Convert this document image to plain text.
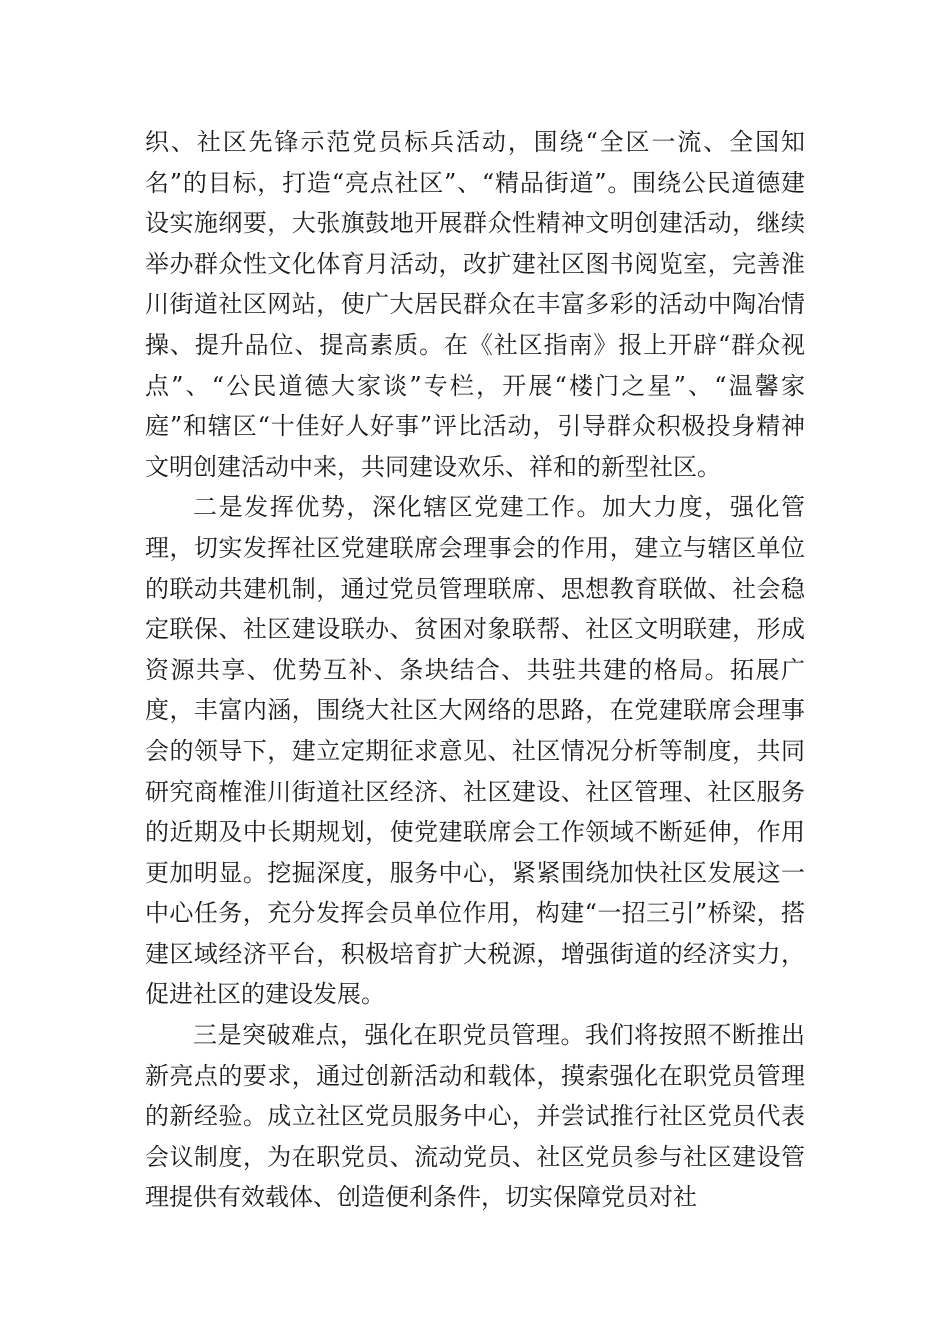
织、社区先锋示范党员标兵活动，围绕“全区一流、全国知名”的目标，打造“亮点社区”、“精品街道”。围绕公民道德建设实施纲要，大张旗鼓地开展群众性精神文明创建活动，继续举办群众性文化体育月活动，改扩建社区图书阅览室，完善淮川街道社区网站，使广大居民群众在丰富多彩的活动中陶冶情操、提升品位、提高素质。在《社区指南》报上开辟“群众视点”、“公民道德大家谈”专栏，开展“楼门之星”、“温馨家庭”和辖区“十佳好人好事”评比活动，引导群众积极投身精神文明创建活动中来，共同建设欢乐、祥和的新型社区。

二是发挥优势，深化辖区党建工作。加大力度，强化管理，切实发挥社区党建联席会理事会的作用，建立与辖区单位的联动共建机制，通过党员管理联席、思想教育联做、社会稳定联保、社区建设联办、贫困对象联帮、社区文明联建，形成资源共享、优势互补、条块结合、共驻共建的格局。拓展广度，丰富内涵，围绕大社区大网络的思路，在党建联席会理事会的领导下，建立定期征求意见、社区情况分析等制度，共同研究商榷淮川街道社区经济、社区建设、社区管理、社区服务的近期及中长期规划，使党建联席会工作领域不断延伸，作用更加明显。挖掘深度，服务中心，紧紧围绕加快社区发展这一中心任务，充分发挥会员单位作用，构建“一招三引”桥梁，搭建区域经济平台，积极培育扩大税源，增强街道的经济实力，促进社区的建设发展。

三是突破难点，强化在职党员管理。我们将按照不断推出新亮点的要求，通过创新活动和载体，摸索强化在职党员管理的新经验。成立社区党员服务中心，并尝试推行社区党员代表会议制度，为在职党员、流动党员、社区党员参与社区建设管理提供有效载体、创造便利条件，切实保障党员对社
